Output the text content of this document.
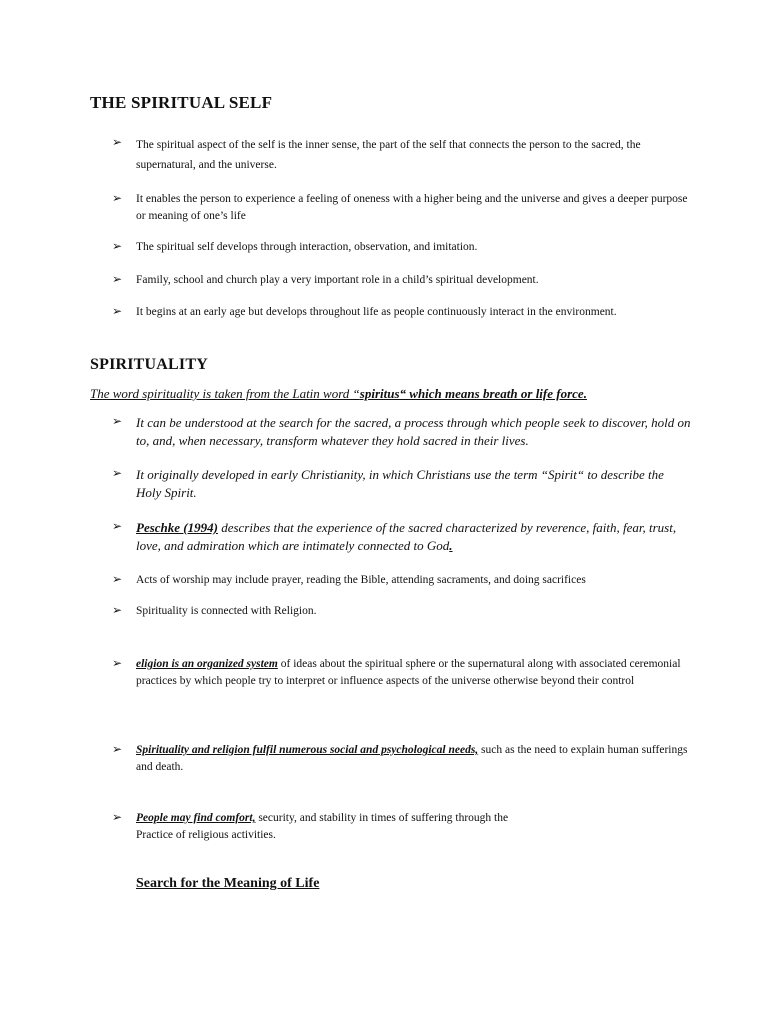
THE SPIRITUAL SELF
➢	The spiritual aspect of the self is the inner sense, the part of the self that connects the person to the sacred, the supernatural, and the universe.
➢	It enables the person to experience a feeling of oneness with a higher being and the universe and gives a deeper purpose or meaning of one’s life
➢	The spiritual self develops through interaction, observation, and imitation.
➢	Family, school and church play a very important role in a child’s spiritual development.
➢	It begins at an early age but develops throughout life as people continuously interact in the environment.
SPIRITUALITY
The word spirituality is taken from the Latin word “spiritus“ which means breath or life force.
➢	It can be understood at the search for the sacred, a process through which people seek to discover, hold on to, and, when necessary, transform whatever they hold sacred in their lives.
➢	It originally developed in early Christianity, in which Christians use the term “Spirit“ to describe the Holy Spirit.
➢	Peschke (1994) describes that the experience of the sacred characterized by reverence, faith, fear, trust, love, and admiration which are intimately connected to God.
➢	Acts of worship may include prayer, reading the Bible, attending sacraments, and doing sacrifices
➢	Spirituality is connected with Religion.
➢	eligion is an organized system of ideas about the spiritual sphere or the supernatural along with associated ceremonial practices by which people try to interpret or influence aspects of the universe otherwise beyond their control
➢	Spirituality and religion fulfil numerous social and psychological needs, such as the need to explain human sufferings and death.
➢	People may find comfort, security, and stability in times of suffering through the
Practice of religious activities.
Search for the Meaning of Life
